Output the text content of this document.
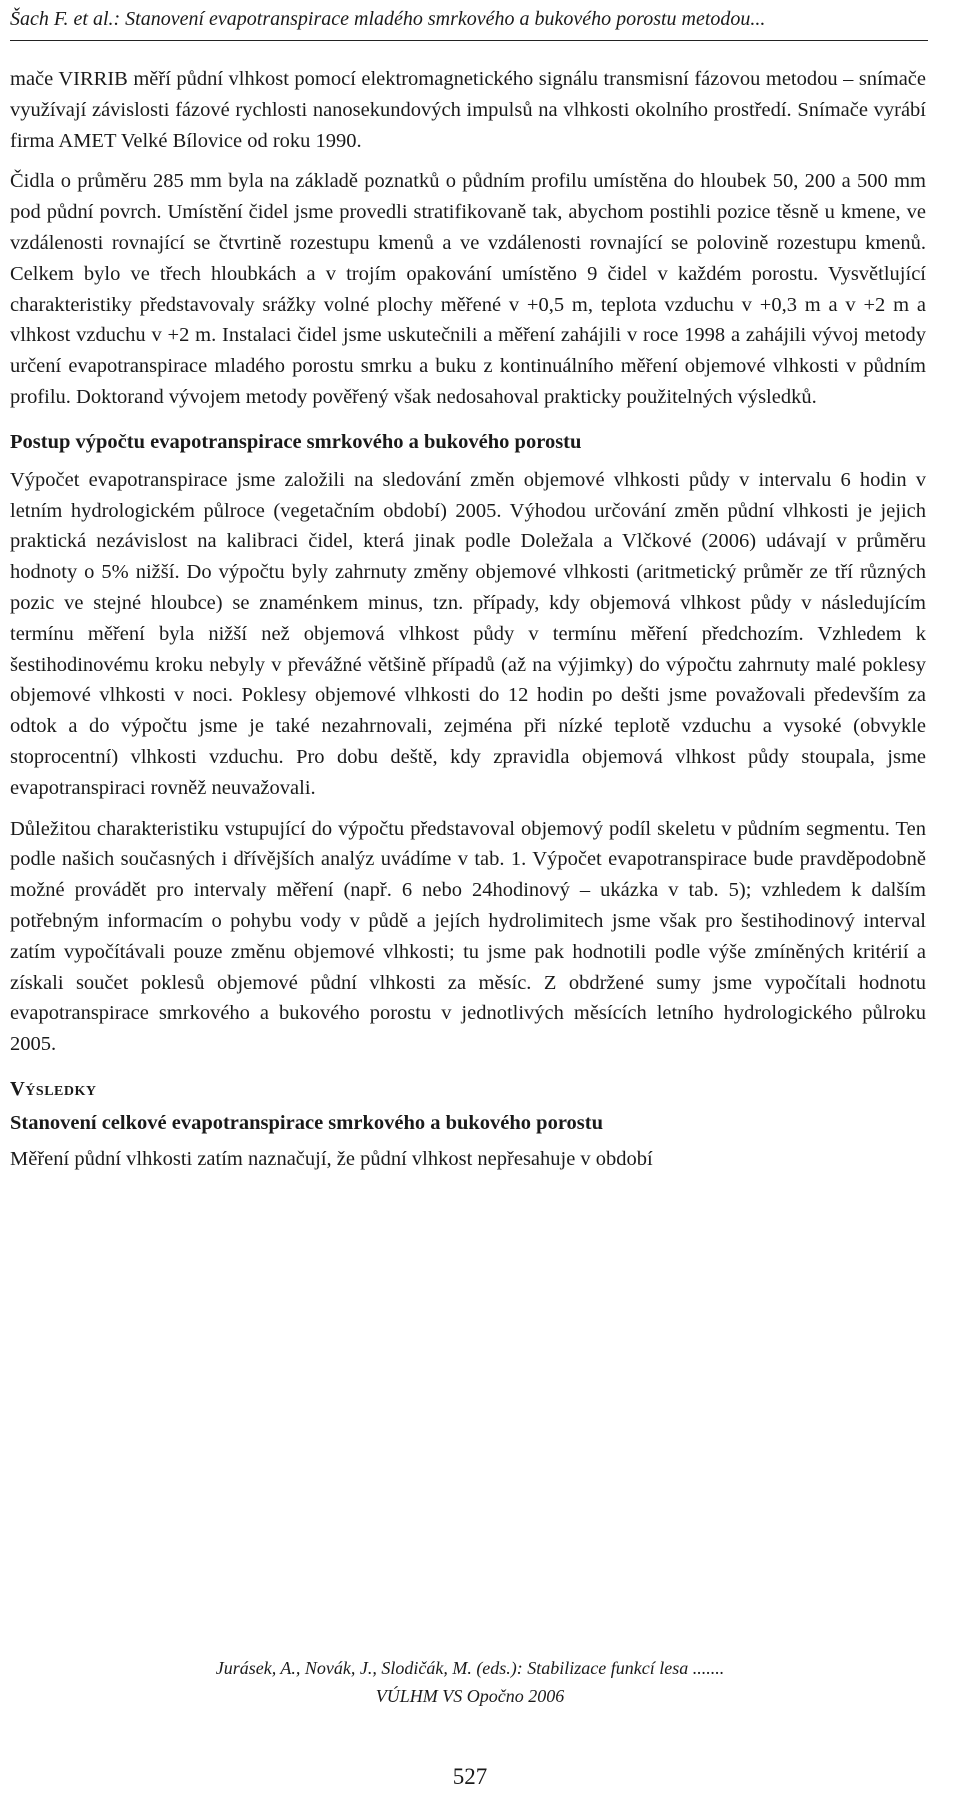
Šach F. et al.: Stanovení evapotranspirace mladého smrkového a bukového porostu metodou...

mače VIRRIB měří půdní vlhkost pomocí elektromagnetického signálu transmisní fázovou metodou – snímače využívají závislosti fázové rychlosti nanosekundových impulsů na vlhkosti okolního prostředí. Snímače vyrábí firma AMET Velké Bílovice od roku 1990.

Čidla o průměru 285 mm byla na základě poznatků o půdním profilu umístěna do hloubek 50, 200 a 500 mm pod půdní povrch. Umístění čidel jsme provedli stratifikovaně tak, abychom postihli pozice těsně u kmene, ve vzdálenosti rovnající se čtvrtině rozestupu kmenů a ve vzdálenosti rovnající se polovině rozestupu kmenů. Celkem bylo ve třech hloubkách a v trojím opakování umístěno 9 čidel v každém porostu. Vysvětlující charakteristiky představovaly srážky volné plochy měřené v +0,5 m, teplota vzduchu v +0,3 m a v +2 m a vlhkost vzduchu v +2 m. Instalaci čidel jsme uskutečnili a měření zahájili v roce 1998 a zahájili vývoj metody určení evapotranspirace mladého porostu smrku a buku z kontinuálního měření objemové vlhkosti v půdním profilu. Doktorand vývojem metody pověřený však nedosahoval prakticky použitelných výsledků.

Postup výpočtu evapotranspirace smrkového a bukového porostu

Výpočet evapotranspirace jsme založili na sledování změn objemové vlhkosti půdy v intervalu 6 hodin v letním hydrologickém půlroce (vegetačním období) 2005. Výhodou určování změn půdní vlhkosti je jejich praktická nezávislost na kalibraci čidel, která jinak podle Doležala a Vlčkové (2006) udávají v průměru hodnoty o 5% nižší. Do výpočtu byly zahrnuty změny objemové vlhkosti (aritmetický průměr ze tří různých pozic ve stejné hloubce) se znaménkem minus, tzn. případy, kdy objemová vlhkost půdy v následujícím termínu měření byla nižší než objemová vlhkost půdy v termínu měření předchozím. Vzhledem k šestihodinovému kroku nebyly v převážné většině případů (až na výjimky) do výpočtu zahrnuty malé poklesy objemové vlhkosti v noci. Poklesy objemové vlhkosti do 12 hodin po dešti jsme považovali především za odtok a do výpočtu jsme je také nezahrnovali, zejména při nízké teplotě vzduchu a vysoké (obvykle stoprocentní) vlhkosti vzduchu. Pro dobu deště, kdy zpravidla objemová vlhkost půdy stoupala, jsme evapotranspiraci rovněž neuvažovali.

Důležitou charakteristiku vstupující do výpočtu představoval objemový podíl skeletu v půdním segmentu. Ten podle našich současných i dřívějších analýz uvádíme v tab. 1. Výpočet evapotranspirace bude pravděpodobně možné provádět pro intervaly měření (např. 6 nebo 24hodinový – ukázka v tab. 5); vzhledem k dalším potřebným informacím o pohybu vody v půdě a jejích hydrolimitech jsme však pro šestihodinový interval zatím vypočítávali pouze změnu objemové vlhkosti; tu jsme pak hodnotili podle výše zmíněných kritérií a získali součet poklesů objemové půdní vlhkosti za měsíc. Z obdržené sumy jsme vypočítali hodnotu evapotranspirace smrkového a bukového porostu v jednotlivých měsících letního hydrologického půlroku 2005.

Výsledky
Stanovení celkové evapotranspirace smrkového a bukového porostu

Měření půdní vlhkosti zatím naznačují, že půdní vlhkost nepřesahuje v období

Jurásek, A., Novák, J., Slodičák, M. (eds.): Stabilizace funkcí lesa .......
VÚLHM VS Opočno 2006
527
